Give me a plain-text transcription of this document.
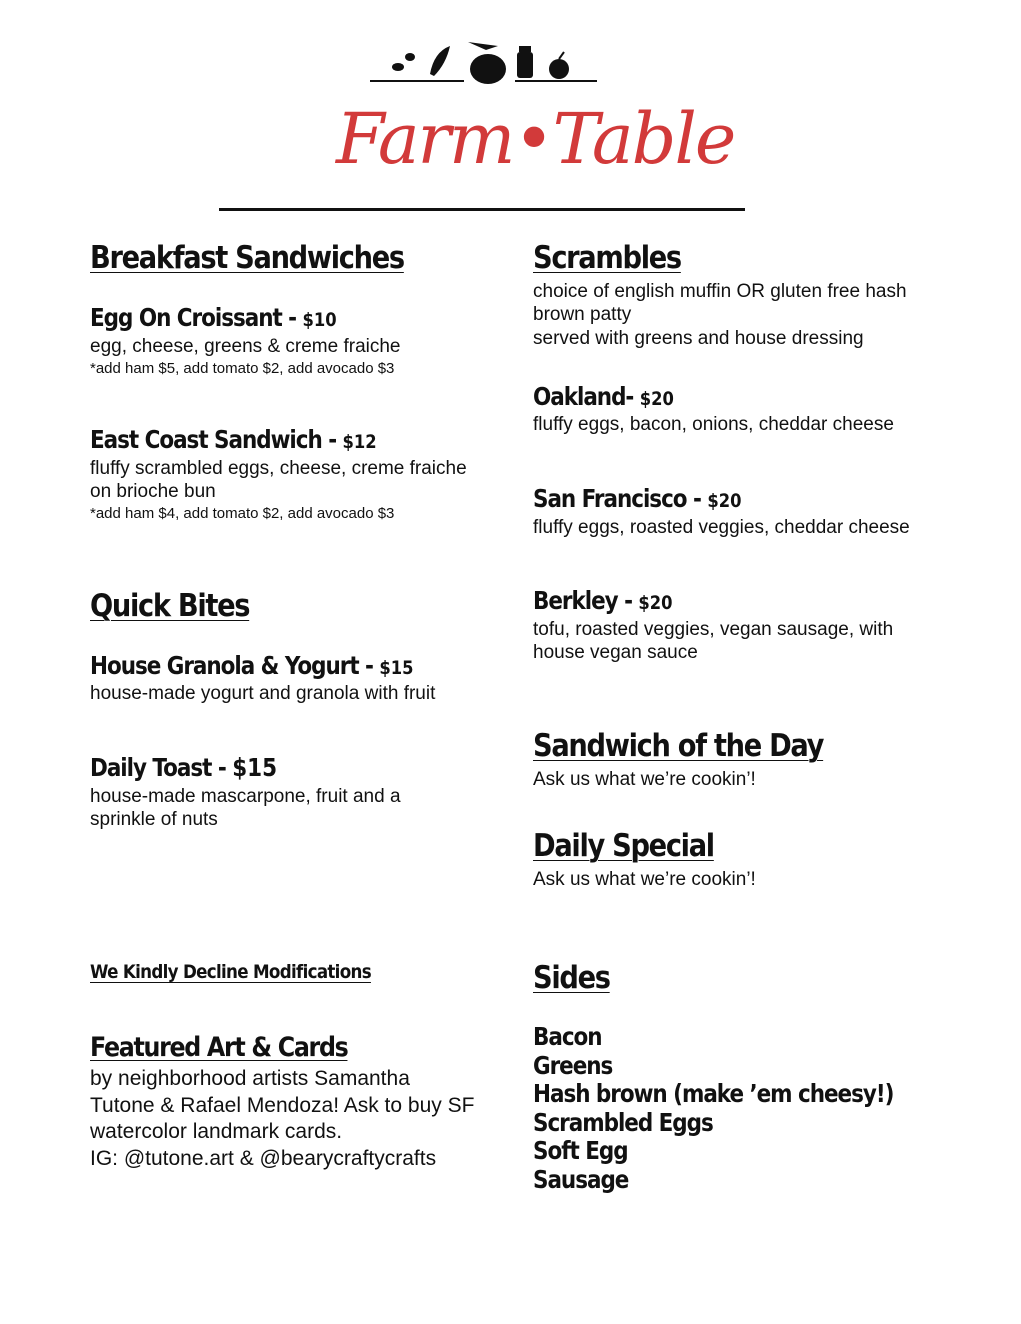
Farm•Table
Breakfast Sandwiches
Egg On Croissant - $10
egg, cheese, greens & creme fraiche
*add ham $5, add tomato $2, add avocado $3
East Coast Sandwich - $12
fluffy scrambled eggs, cheese, creme fraiche
on brioche bun
*add ham $4, add tomato $2, add avocado $3
Quick Bites
House Granola & Yogurt - $15
house-made yogurt and granola with fruit
Daily Toast - $15
house-made mascarpone, fruit and a
sprinkle of nuts
We Kindly Decline Modifications
Featured Art & Cards
by neighborhood artists Samantha
Tutone & Rafael Mendoza! Ask to buy SF
watercolor landmark cards.
IG: @tutone.art & @bearycraftycrafts
Scrambles
choice of english muffin OR gluten free hash
brown patty
served with greens and house dressing
Oakland- $20
fluffy eggs, bacon, onions, cheddar cheese
San Francisco - $20
fluffy eggs, roasted veggies, cheddar cheese
Berkley - $20
tofu, roasted veggies, vegan sausage, with
house vegan sauce
Sandwich of the Day
Ask us what we’re cookin’!
Daily Special
Ask us what we’re cookin’!
Sides
Bacon
Greens
Hash brown (make ’em cheesy!)
Scrambled Eggs
Soft Egg
Sausage
